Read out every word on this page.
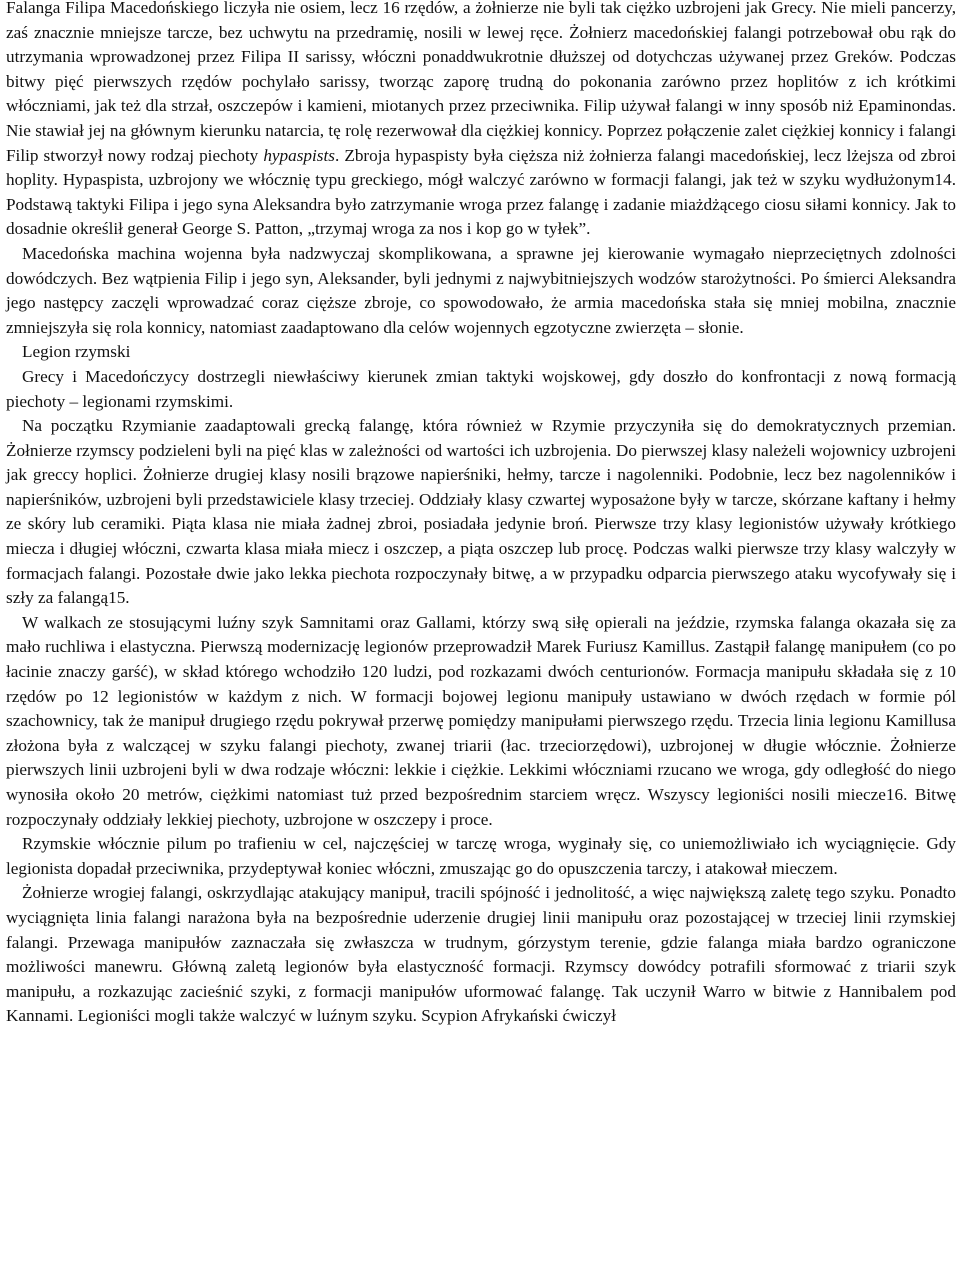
Falanga Filipa Macedońskiego liczyła nie osiem, lecz 16 rzędów, a żołnierze nie byli tak ciężko uzbrojeni jak Grecy. Nie mieli pancerzy, zaś znacznie mniejsze tarcze, bez uchwytu na przedramię, nosili w lewej ręce. Żołnierz macedońskiej falangi potrzebował obu rąk do utrzymania wprowadzonej przez Filipa II sarissy, włóczni ponaddwukrotnie dłuższej od dotychczas używanej przez Greków. Podczas bitwy pięć pierwszych rzędów pochylało sarissy, tworząc zaporę trudną do pokonania zarówno przez hoplitów z ich krótkimi włóczniami, jak też dla strzał, oszczepów i kamieni, miotanych przez przeciwnika. Filip używał falangi w inny sposób niż Epaminondas. Nie stawiał jej na głównym kierunku natarcia, tę rolę rezerwował dla ciężkiej konnicy. Poprzez połączenie zalet ciężkiej konnicy i falangi Filip stworzył nowy rodzaj piechoty hypaspists. Zbroja hypaspisty była cięższa niż żołnierza falangi macedońskiej, lecz lżejsza od zbroi hoplity. Hypaspista, uzbrojony we włócznię typu greckiego, mógł walczyć zarówno w formacji falangi, jak też w szyku wydłużonym14. Podstawą taktyki Filipa i jego syna Aleksandra było zatrzymanie wroga przez falangę i zadanie miażdżącego ciosu siłami konnicy. Jak to dosadnie określił generał George S. Patton, „trzymaj wroga za nos i kop go w tyłek”.

Macedońska machina wojenna była nadzwyczaj skomplikowana, a sprawne jej kierowanie wymagało nieprzeciętnych zdolności dowódczych. Bez wątpienia Filip i jego syn, Aleksander, byli jednymi z najwybitniejszych wodzów starożytności. Po śmierci Aleksandra jego następcy zaczęli wprowadzać coraz cięższe zbroje, co spowodowało, że armia macedońska stała się mniej mobilna, znacznie zmniejszyła się rola konnicy, natomiast zaadaptowano dla celów wojennych egzotyczne zwierzęta – słonie.

Legion rzymski

Grecy i Macedończycy dostrzegli niewłaściwy kierunek zmian taktyki wojskowej, gdy doszło do konfrontacji z nową formacją piechoty – legionami rzymskimi.

Na początku Rzymianie zaadaptowali grecką falangę, która również w Rzymie przyczyniła się do demokratycznych przemian. Żołnierze rzymscy podzieleni byli na pięć klas w zależności od wartości ich uzbrojenia. Do pierwszej klasy należeli wojownicy uzbrojeni jak greccy hoplici. Żołnierze drugiej klasy nosili brązowe napierśniki, hełmy, tarcze i nagolenniki. Podobnie, lecz bez nagolenników i napierśników, uzbrojeni byli przedstawiciele klasy trzeciej. Oddziały klasy czwartej wyposażone były w tarcze, skórzane kaftany i hełmy ze skóry lub ceramiki. Piąta klasa nie miała żadnej zbroi, posiadała jedynie broń. Pierwsze trzy klasy legionistów używały krótkiego miecza i długiej włóczni, czwarta klasa miała miecz i oszczep, a piąta oszczep lub procę. Podczas walki pierwsze trzy klasy walczyły w formacjach falangi. Pozostałe dwie jako lekka piechota rozpoczynały bitwę, a w przypadku odparcia pierwszego ataku wycofywały się i szły za falangą15.

W walkach ze stosującymi luźny szyk Samnitami oraz Gallami, którzy swą siłę opierali na jeździe, rzymska falanga okazała się za mało ruchliwa i elastyczna. Pierwszą modernizację legionów przeprowadził Marek Furiusz Kamillus. Zastąpił falangę manipułem (co po łacinie znaczy garść), w skład którego wchodziło 120 ludzi, pod rozkazami dwóch centurionów. Formacja manipułu składała się z 10 rzędów po 12 legionistów w każdym z nich. W formacji bojowej legionu manipuły ustawiano w dwóch rzędach w formie pól szachownicy, tak że manipuł drugiego rzędu pokrywał przerwę pomiędzy manipułami pierwszego rzędu. Trzecia linia legionu Kamillusa złożona była z walczącej w szyku falangi piechoty, zwanej triarii (łac. trzeciorzędowi), uzbrojonej w długie włócznie. Żołnierze pierwszych linii uzbrojeni byli w dwa rodzaje włóczni: lekkie i ciężkie. Lekkimi włóczniami rzucano we wroga, gdy odległość do niego wynosiła około 20 metrów, ciężkimi natomiast tuż przed bezpośrednim starciem wręcz. Wszyscy legioniści nosili miecze16. Bitwę rozpoczynały oddziały lekkiej piechoty, uzbrojone w oszczepy i proce.

Rzymskie włócznie pilum po trafieniu w cel, najczęściej w tarczę wroga, wyginały się, co uniemożliwiało ich wyciągnięcie. Gdy legionista dopadał przeciwnika, przydeptywał koniec włóczni, zmuszając go do opuszczenia tarczy, i atakował mieczem.

Żołnierze wrogiej falangi, oskrzydlając atakujący manipuł, tracili spójność i jednolitość, a więc największą zaletę tego szyku. Ponadto wyciągnięta linia falangi narażona była na bezpośrednie uderzenie drugiej linii manipułu oraz pozostającej w trzeciej linii rzymskiej falangi. Przewaga manipułów zaznaczała się zwłaszcza w trudnym, górzystym terenie, gdzie falanga miała bardzo ograniczone możliwości manewru. Główną zaletą legionów była elastyczność formacji. Rzymscy dowódcy potrafili sformować z triarii szyk manipułu, a rozkazując zacieśnić szyki, z formacji manipułów uformować falangę. Tak uczynił Warro w bitwie z Hannibalem pod Kannami. Legioniści mogli także walczyć w luźnym szyku. Scypion Afrykański ćwiczył
